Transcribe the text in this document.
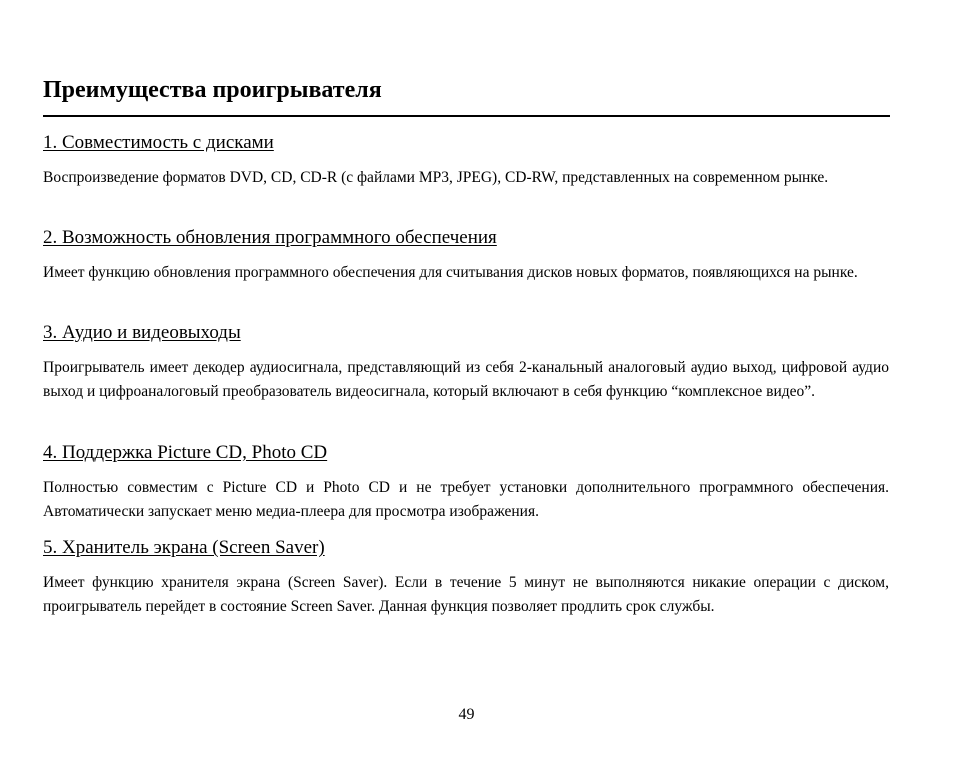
Преимущества проигрывателя
1. Совместимость с дисками

Воспроизведение форматов DVD, CD, CD-R (с файлами MP3, JPEG), CD-RW, представленных на современном рынке.

2. Возможность обновления программного обеспечения

Имеет функцию обновления программного обеспечения для считывания дисков новых форматов, появляющихся на рынке.

3. Аудио и видеовыходы

Проигрыватель имеет декодер аудиосигнала, представляющий из себя 2-канальный аналоговый аудио выход, цифровой аудио выход и цифроаналоговый преобразователь видеосигнала, который включают в себя функцию “комплексное видео”.

4. Поддержка Picture CD, Photo CD

Полностью совместим с Picture CD и Photo CD и не требует установки дополнительного программного обеспечения. Автоматически запускает меню медиа-плеера для просмотра изображения.

5. Хранитель экрана (Screen Saver)

Имеет функцию хранителя экрана (Screen Saver). Если в течение 5 минут не выполняются никакие операции с диском, проигрыватель перейдет в состояние Screen Saver. Данная функция позволяет продлить срок службы.

49
